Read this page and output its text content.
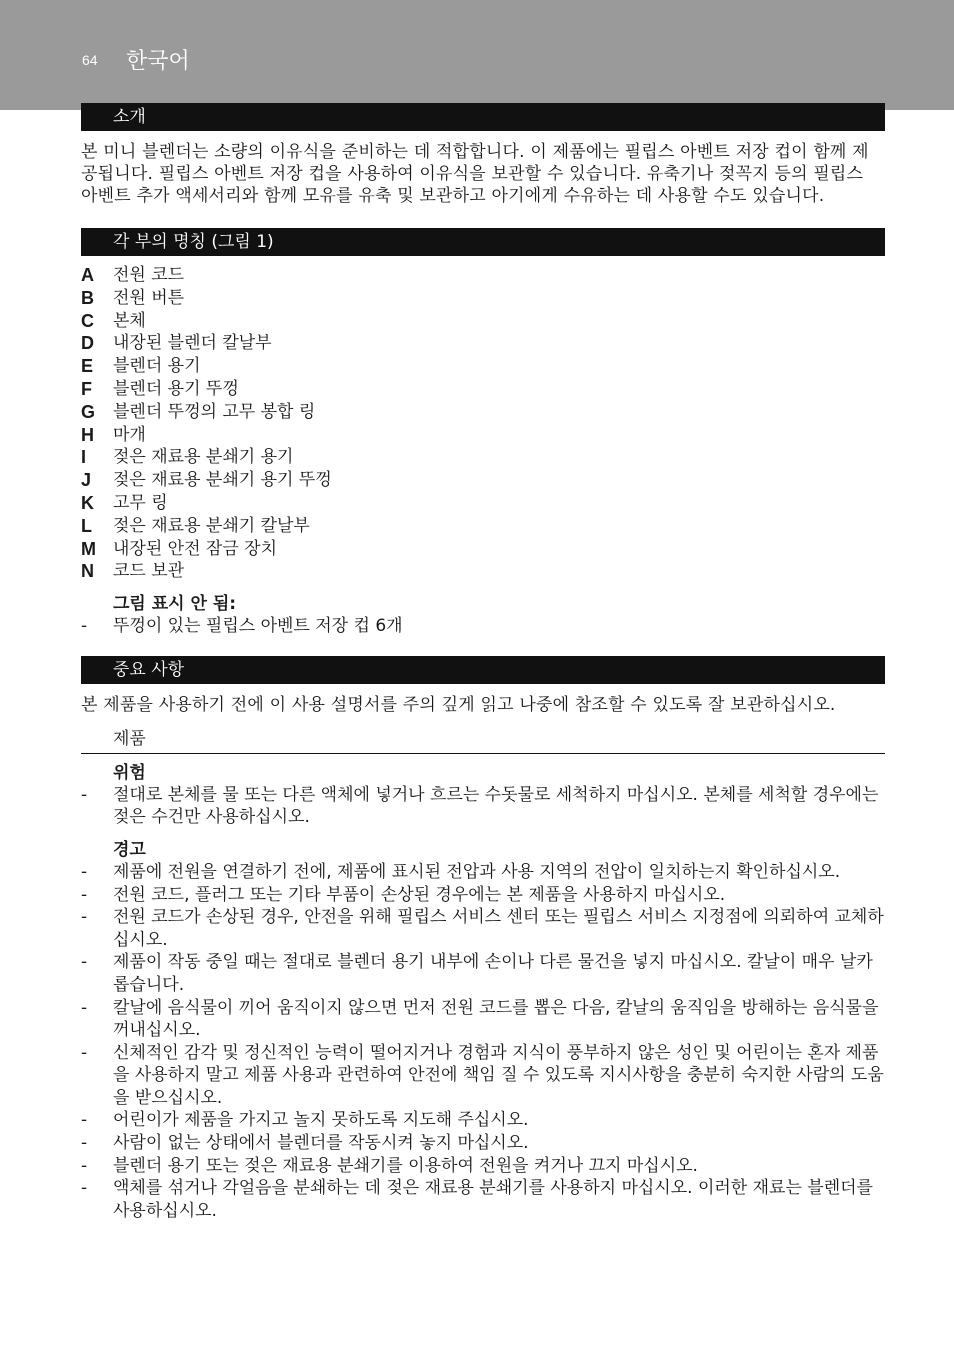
64 한국어
소개

본 미니 블렌더는 소량의 이유식을 준비하는 데 적합합니다. 이 제품에는 필립스 아벤트 저장 컵이 함께 제공됩니다. 필립스 아벤트 저장 컵을 사용하여 이유식을 보관할 수 있습니다. 유축기나 젖꼭지 등의 필립스 아벤트 추가 액세서리와 함께 모유를 유축 및 보관하고 아기에게 수유하는 데 사용할 수도 있습니다.

각 부의 명칭 (그림 1)
A 전원 코드
B 전원 버튼
C 본체
D 내장된 블렌더 칼날부
E 블렌더 용기
F 블렌더 용기 뚜껑
G 블렌더 뚜껑의 고무 봉합 링
H 마개
I 젖은 재료용 분쇄기 용기
J 젖은 재료용 분쇄기 용기 뚜껑
K 고무 링
L 젖은 재료용 분쇄기 칼날부
M 내장된 안전 잠금 장치
N 코드 보관

그림 표시 안 됨:

- 뚜껑이 있는 필립스 아벤트 저장 컵 6개
중요 사항

본 제품을 사용하기 전에 이 사용 설명서를 주의 깊게 읽고 나중에 참조할 수 있도록 잘 보관하십시오.

제품

위험

- 절대로 본체를 물 또는 다른 액체에 넣거나 흐르는 수돗물로 세척하지 마십시오. 본체를 세척할 경우에는 젖은 수건만 사용하십시오.

경고

- 제품에 전원을 연결하기 전에, 제품에 표시된 전압과 사용 지역의 전압이 일치하는지 확인하십시오.
- 전원 코드, 플러그 또는 기타 부품이 손상된 경우에는 본 제품을 사용하지 마십시오.
- 전원 코드가 손상된 경우, 안전을 위해 필립스 서비스 센터 또는 필립스 서비스 지정점에 의뢰하여 교체하십시오.
- 제품이 작동 중일 때는 절대로 블렌더 용기 내부에 손이나 다른 물건을 넣지 마십시오. 칼날이 매우 날카롭습니다.
- 칼날에 음식물이 끼어 움직이지 않으면 먼저 전원 코드를 뽑은 다음, 칼날의 움직임을 방해하는 음식물을 꺼내십시오.
- 신체적인 감각 및 정신적인 능력이 떨어지거나 경험과 지식이 풍부하지 않은 성인 및 어린이는 혼자 제품을 사용하지 말고 제품 사용과 관련하여 안전에 책임 질 수 있도록 지시사항을 충분히 숙지한 사람의 도움을 받으십시오.
- 어린이가 제품을 가지고 놀지 못하도록 지도해 주십시오.
- 사람이 없는 상태에서 블렌더를 작동시켜 놓지 마십시오.
- 블렌더 용기 또는 젖은 재료용 분쇄기를 이용하여 전원을 켜거나 끄지 마십시오.
- 액체를 섞거나 각얼음을 분쇄하는 데 젖은 재료용 분쇄기를 사용하지 마십시오. 이러한 재료는 블렌더를 사용하십시오.
